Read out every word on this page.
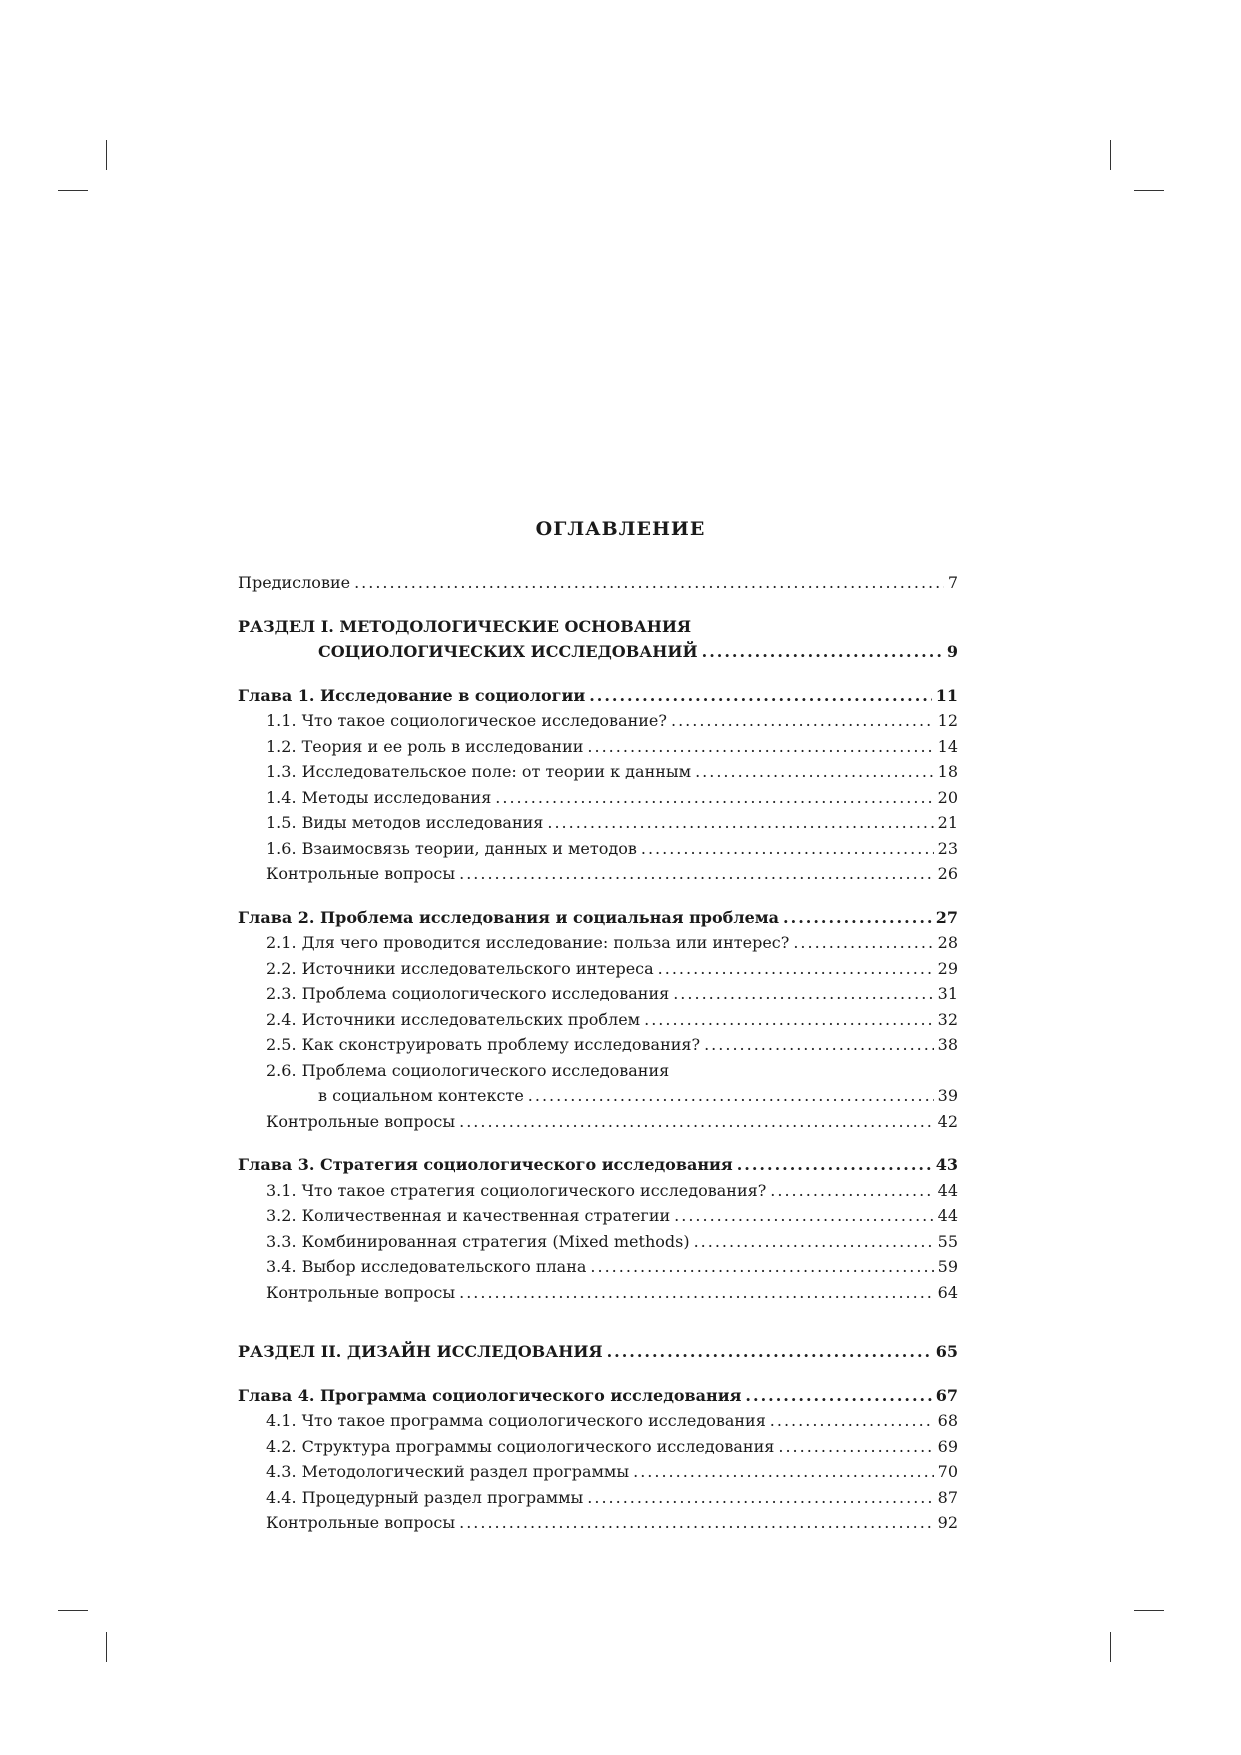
ОГЛАВЛЕНИЕ
Предисловие .....	7
РАЗДЕЛ I. МЕТОДОЛОГИЧЕСКИЕ ОСНОВАНИЯ
СОЦИОЛОГИЧЕСКИХ ИССЛЕДОВАНИЙ .....	9
Глава 1. Исследование в социологии .....	11
1.1. Что такое социологическое исследование? .....	12
1.2. Теория и ее роль в исследовании .....	14
1.3. Исследовательское поле: от теории к данным .....	18
1.4. Методы исследования .....	20
1.5. Виды методов исследования .....	21
1.6. Взаимосвязь теории, данных и методов .....	23
Контрольные вопросы .....	26
Глава 2. Проблема исследования и социальная проблема .....	27
2.1. Для чего проводится исследование: польза или интерес? .....	28
2.2. Источники исследовательского интереса .....	29
2.3. Проблема социологического исследования .....	31
2.4. Источники исследовательских проблем .....	32
2.5. Как сконструировать проблему исследования? .....	38
2.6. Проблема социологического исследования
в социальном контексте .....	39
Контрольные вопросы .....	42
Глава 3. Стратегия социологического исследования .....	43
3.1. Что такое стратегия социологического исследования? .....	44
3.2. Количественная и качественная стратегии .....	44
3.3. Комбинированная стратегия (Mixed methods) .....	55
3.4. Выбор исследовательского плана .....	59
Контрольные вопросы .....	64
РАЗДЕЛ II. ДИЗАЙН ИССЛЕДОВАНИЯ .....	65
Глава 4. Программа социологического исследования .....	67
4.1. Что такое программа социологического исследования .....	68
4.2. Структура программы социологического исследования .....	69
4.3. Методологический раздел программы .....	70
4.4. Процедурный раздел программы .....	87
Контрольные вопросы .....	92
